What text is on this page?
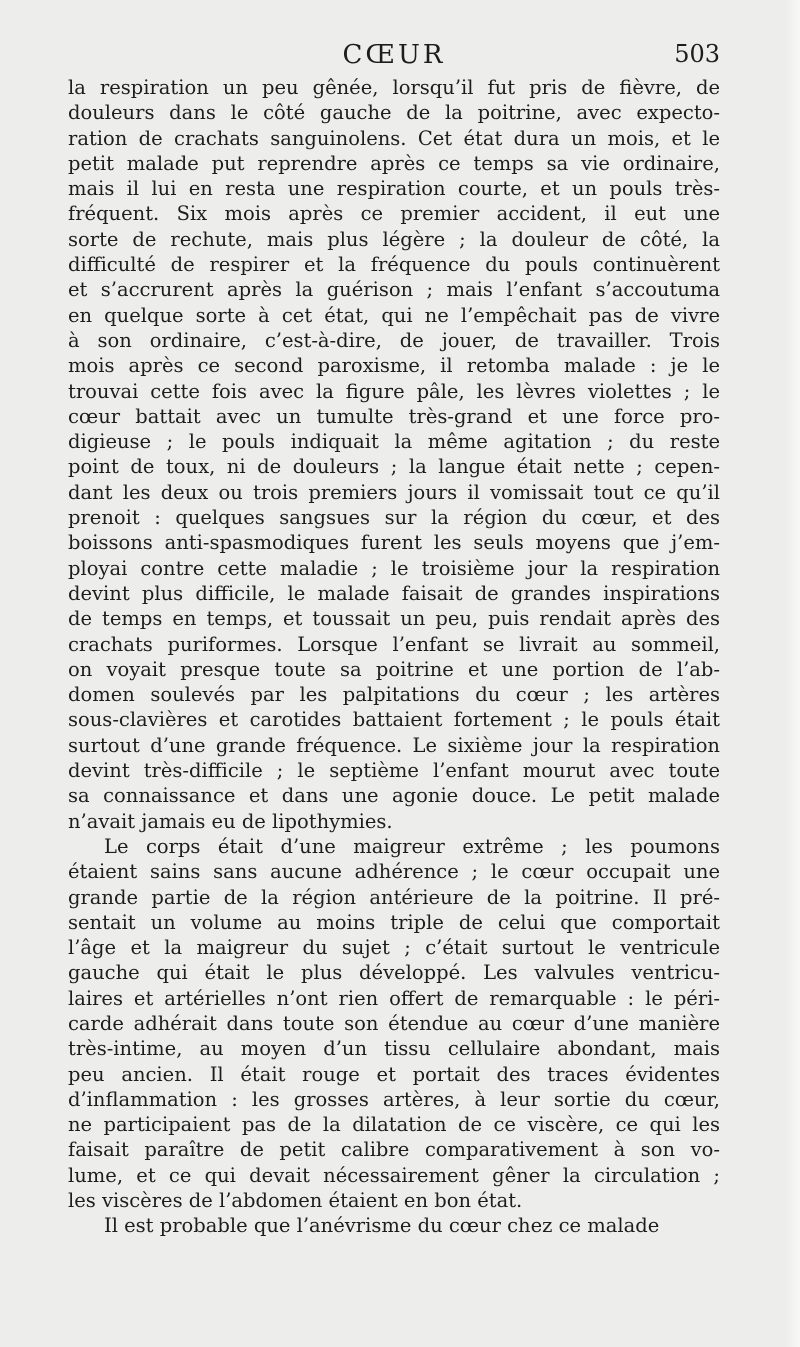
CŒUR	503
la respiration un peu gênée, lorsqu’il fut pris de fièvre, de
douleurs dans le côté gauche de la poitrine, avec expecto-
ration de crachats sanguinolens. Cet état dura un mois, et le
petit malade put reprendre après ce temps sa vie ordinaire,
mais il lui en resta une respiration courte, et un pouls très-
fréquent. Six mois après ce premier accident, il eut une
sorte de rechute, mais plus légère ; la douleur de côté, la
difficulté de respirer et la fréquence du pouls continuèrent
et s’accrurent après la guérison ; mais l’enfant s’accoutuma
en quelque sorte à cet état, qui ne l’empêchait pas de vivre
à son ordinaire, c’est-à-dire, de jouer, de travailler. Trois
mois après ce second paroxisme, il retomba malade : je le
trouvai cette fois avec la figure pâle, les lèvres violettes ; le
cœur battait avec un tumulte très-grand et une force pro-
digieuse ; le pouls indiquait la même agitation ; du reste
point de toux, ni de douleurs ; la langue était nette ; cepen-
dant les deux ou trois premiers jours il vomissait tout ce qu’il
prenoit : quelques sangsues sur la région du cœur, et des
boissons anti-spasmodiques furent les seuls moyens que j’em-
ployai contre cette maladie ; le troisième jour la respiration
devint plus difficile, le malade faisait de grandes inspirations
de temps en temps, et toussait un peu, puis rendait après des
crachats puriformes. Lorsque l’enfant se livrait au sommeil,
on voyait presque toute sa poitrine et une portion de l’ab-
domen soulevés par les palpitations du cœur ; les artères
sous-clavières et carotides battaient fortement ; le pouls était
surtout d’une grande fréquence. Le sixième jour la respiration
devint très-difficile ; le septième l’enfant mourut avec toute
sa connaissance et dans une agonie douce. Le petit malade
n’avait jamais eu de lipothymies.
Le corps était d’une maigreur extrême ; les poumons
étaient sains sans aucune adhérence ; le cœur occupait une
grande partie de la région antérieure de la poitrine. Il pré-
sentait un volume au moins triple de celui que comportait
l’âge et la maigreur du sujet ; c’était surtout le ventricule
gauche qui était le plus développé. Les valvules ventricu-
laires et artérielles n’ont rien offert de remarquable : le péri-
carde adhérait dans toute son étendue au cœur d’une manière
très-intime, au moyen d’un tissu cellulaire abondant, mais
peu ancien. Il était rouge et portait des traces évidentes
d’inflammation : les grosses artères, à leur sortie du cœur,
ne participaient pas de la dilatation de ce viscère, ce qui les
faisait paraître de petit calibre comparativement à son vo-
lume, et ce qui devait nécessairement gêner la circulation ;
les viscères de l’abdomen étaient en bon état.
Il est probable que l’anévrisme du cœur chez ce malade
